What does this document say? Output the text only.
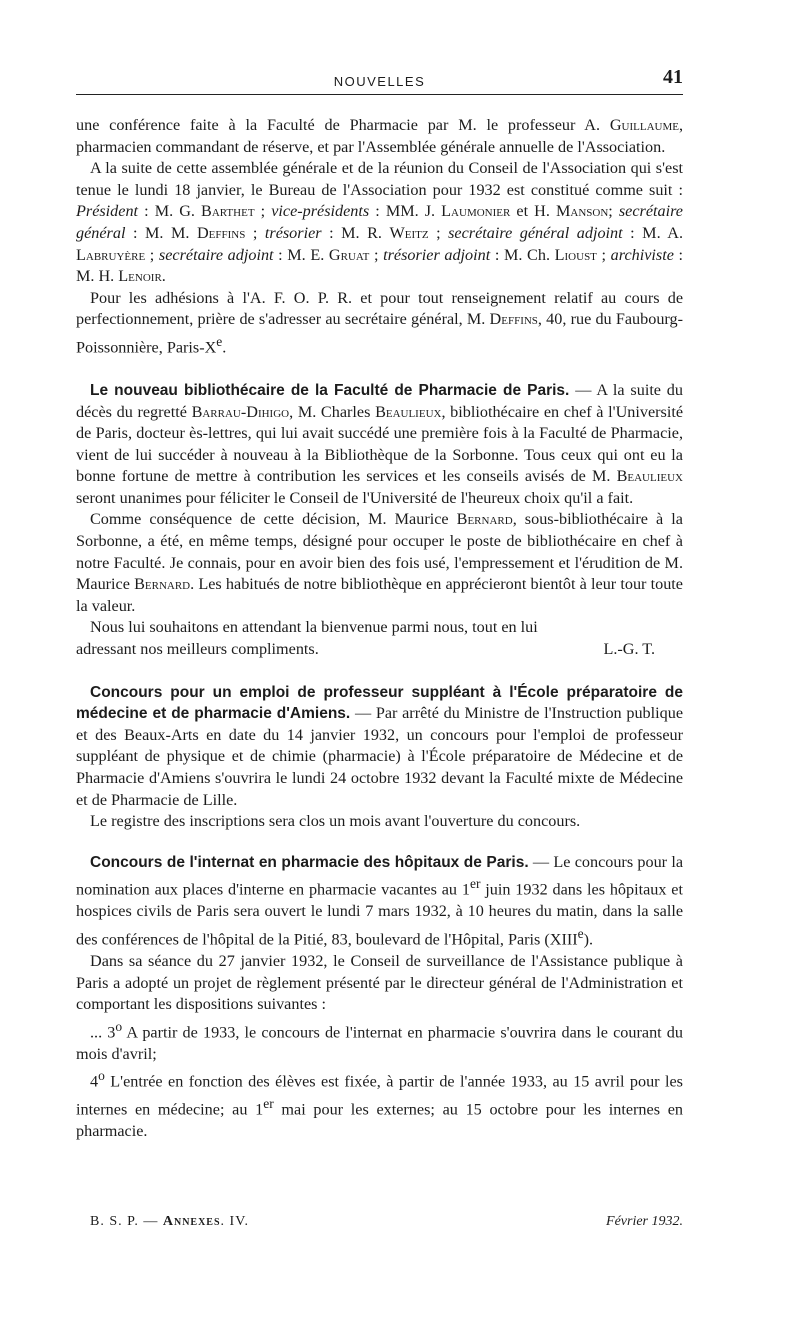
NOUVELLES	41

une conférence faite à la Faculté de Pharmacie par M. le professeur A. Guillaume, pharmacien commandant de réserve, et par l'Assemblée générale annuelle de l'Association.

A la suite de cette assemblée générale et de la réunion du Conseil de l'Association qui s'est tenue le lundi 18 janvier, le Bureau de l'Association pour 1932 est constitué comme suit : Président : M. G. Barthet ; vice-présidents : MM. J. Laumonier et H. Manson; secrétaire général : M. M. Deffins ; trésorier : M. R. Weitz ; secrétaire général adjoint : M. A. Labruyère ; secrétaire adjoint : M. E. Gruat ; trésorier adjoint : M. Ch. Lioust ; archiviste : M. H. Lenoir.

Pour les adhésions à l'A. F. O. P. R. et pour tout renseignement relatif au cours de perfectionnement, prière de s'adresser au secrétaire général, M. Deffins, 40, rue du Faubourg-Poissonnière, Paris-Xe.

Le nouveau bibliothécaire de la Faculté de Pharmacie de Paris. — A la suite du décès du regretté Barrau-Dihigo, M. Charles Beaulieux, bibliothécaire en chef à l'Université de Paris, docteur ès-lettres, qui lui avait succédé une première fois à la Faculté de Pharmacie, vient de lui succéder à nouveau à la Bibliothèque de la Sorbonne. Tous ceux qui ont eu la bonne fortune de mettre à contribution les services et les conseils avisés de M. Beaulieux seront unanimes pour féliciter le Conseil de l'Université de l'heureux choix qu'il a fait.

Comme conséquence de cette décision, M. Maurice Bernard, sous-bibliothécaire à la Sorbonne, a été, en même temps, désigné pour occuper le poste de bibliothécaire en chef à notre Faculté. Je connais, pour en avoir bien des fois usé, l'empressement et l'érudition de M. Maurice Bernard. Les habitués de notre bibliothèque en apprécieront bientôt à leur tour toute la valeur.

Nous lui souhaitons en attendant la bienvenue parmi nous, tout en lui

adressant nos meilleurs compliments.	L.-G. T.

Concours pour un emploi de professeur suppléant à l'École préparatoire de médecine et de pharmacie d'Amiens. — Par arrêté du Ministre de l'Instruction publique et des Beaux-Arts en date du 14 janvier 1932, un concours pour l'emploi de professeur suppléant de physique et de chimie (pharmacie) à l'École préparatoire de Médecine et de Pharmacie d'Amiens s'ouvrira le lundi 24 octobre 1932 devant la Faculté mixte de Médecine et de Pharmacie de Lille.

Le registre des inscriptions sera clos un mois avant l'ouverture du concours.

Concours de l'internat en pharmacie des hôpitaux de Paris. — Le concours pour la nomination aux places d'interne en pharmacie vacantes au 1er juin 1932 dans les hôpitaux et hospices civils de Paris sera ouvert le lundi 7 mars 1932, à 10 heures du matin, dans la salle des conférences de l'hôpital de la Pitié, 83, boulevard de l'Hôpital, Paris (XIIIe).

Dans sa séance du 27 janvier 1932, le Conseil de surveillance de l'Assistance publique à Paris a adopté un projet de règlement présenté par le directeur général de l'Administration et comportant les dispositions suivantes :

... 3$^o$ A partir de 1933, le concours de l'internat en pharmacie s'ouvrira dans le courant du mois d'avril;

4$^o$ L'entrée en fonction des élèves est fixée, à partir de l'année 1933, au 15 avril pour les internes en médecine; au 1er mai pour les externes; au 15 octobre pour les internes en pharmacie.

B. S. P. — Annexes. IV.	Février 1932.
